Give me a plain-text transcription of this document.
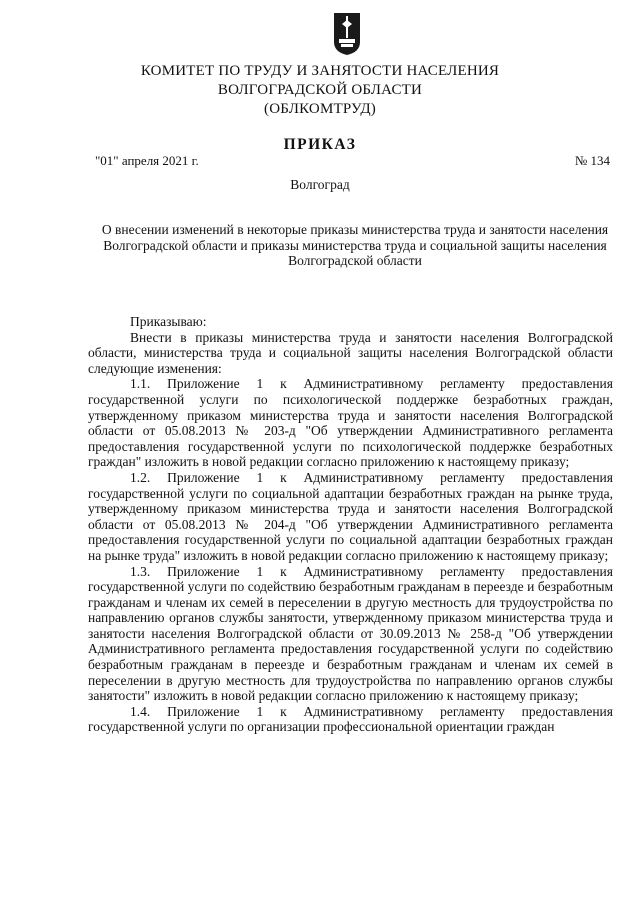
КОМИТЕТ ПО ТРУДУ И ЗАНЯТОСТИ НАСЕЛЕНИЯ
ВОЛГОГРАДСКОЙ ОБЛАСТИ
(ОБЛКОМТРУД)
ПРИКАЗ
"01" апреля 2021 г.	№ 134
Волгоград
О внесении изменений в некоторые приказы министерства труда и занятости населения Волгоградской области и приказы министерства труда и социальной защиты населения Волгоградской области

Приказываю:

Внести в приказы министерства труда и занятости населения Волгоградской области, министерства труда и социальной защиты населения Волгоградской области следующие изменения:

1.1. Приложение 1 к Административному регламенту предоставления государственной услуги по психологической поддержке безработных граждан, утвержденному приказом министерства труда и занятости населения Волгоградской области от 05.08.2013 № 203-д "Об утверждении Административного регламента предоставления государственной услуги по психологической поддержке безработных граждан" изложить в новой редакции согласно приложению к настоящему приказу;

1.2. Приложение 1 к Административному регламенту предоставления государственной услуги по социальной адаптации безработных граждан на рынке труда, утвержденному приказом министерства труда и занятости населения Волгоградской области от 05.08.2013 № 204-д "Об утверждении Административного регламента предоставления государственной услуги по социальной адаптации безработных граждан на рынке труда" изложить в новой редакции согласно приложению к настоящему приказу;

1.3. Приложение 1 к Административному регламенту предоставления государственной услуги по содействию безработным гражданам в переезде и безработным гражданам и членам их семей в переселении в другую местность для трудоустройства по направлению органов службы занятости, утвержденному приказом министерства труда и занятости населения Волгоградской области от 30.09.2013 № 258-д "Об утверждении Административного регламента предоставления государственной услуги по содействию безработным гражданам в переезде и безработным гражданам и членам их семей в переселении в другую местность для трудоустройства по направлению органов службы занятости" изложить в новой редакции согласно приложению к настоящему приказу;

1.4. Приложение 1 к Административному регламенту предоставления государственной услуги по организации профессиональной ориентации граждан
